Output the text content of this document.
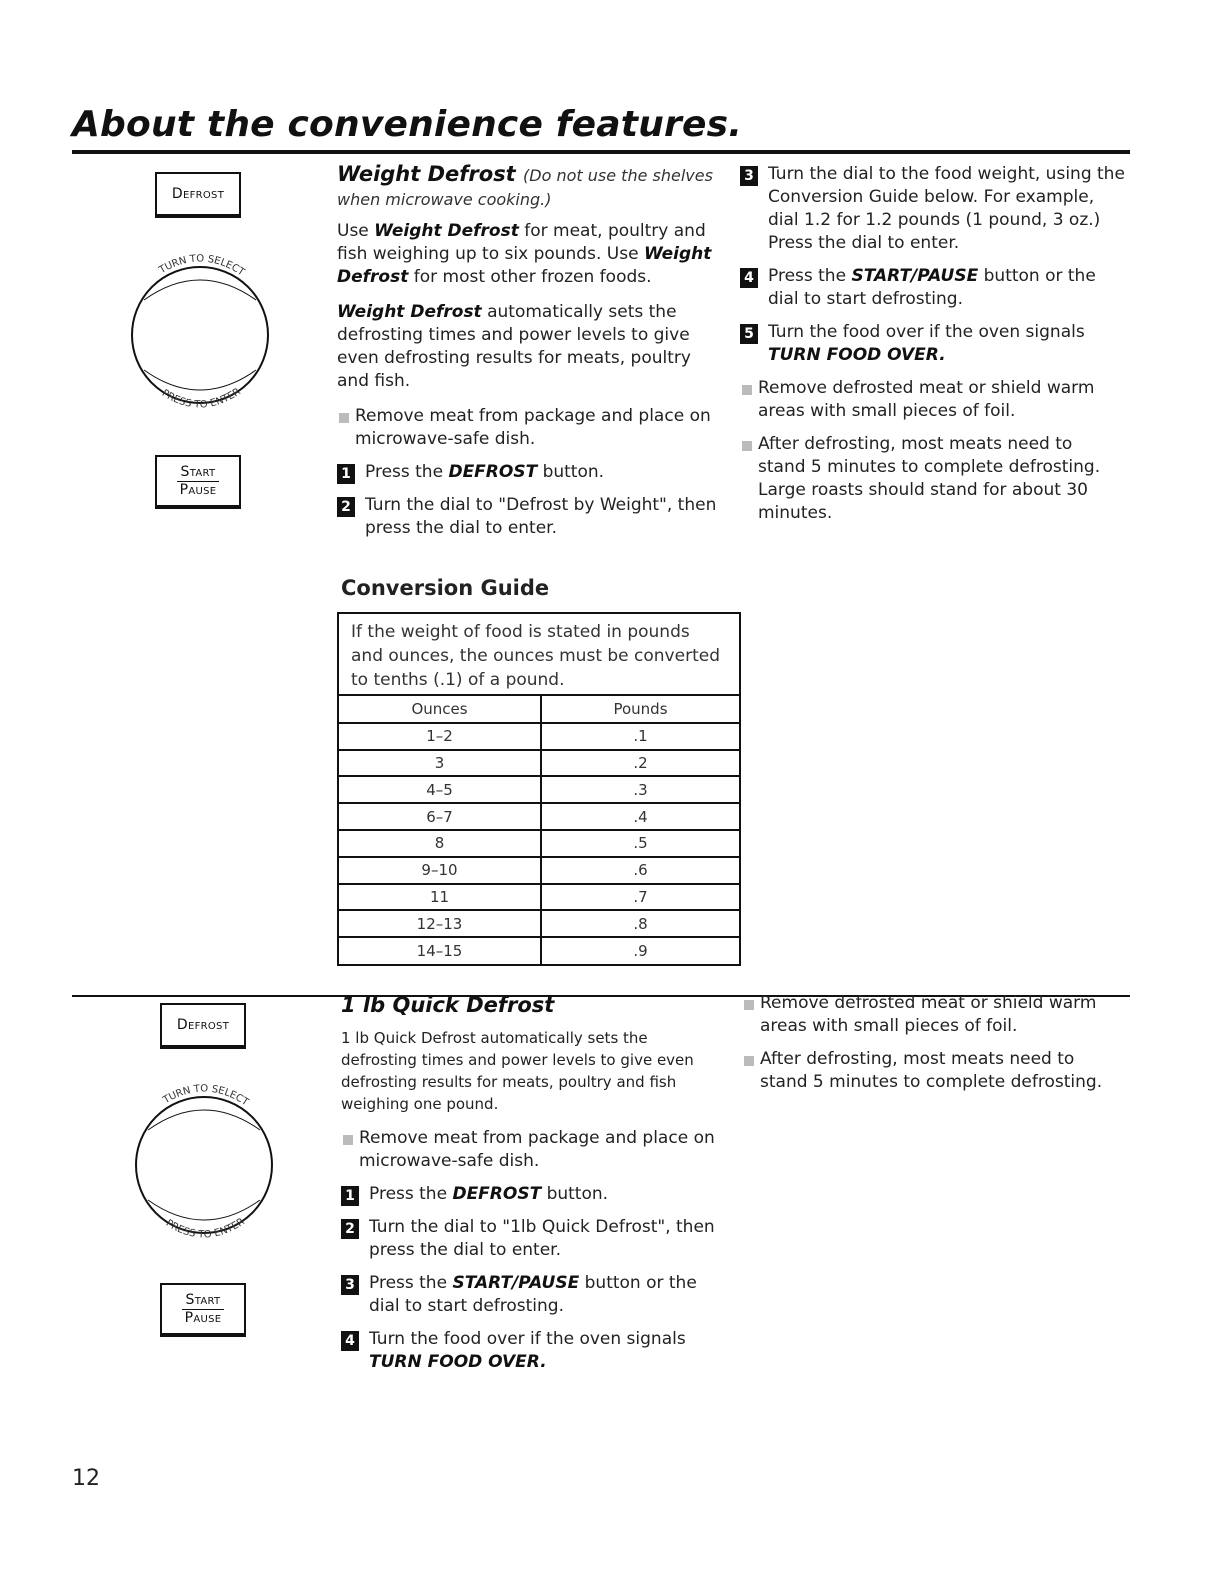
About the convenience features.
Defrost
TURN TO SELECT
PRESS TO ENTER
Start
Pause
Weight Defrost (Do not use the shelves when microwave cooking.)

Use Weight Defrost for meat, poultry and fish weighing up to six pounds. Use Weight Defrost for most other frozen foods.

Weight Defrost automatically sets the defrosting times and power levels to give even defrosting results for meats, poultry and fish.

Remove meat from package and place on microwave-safe dish.
1 Press the DEFROST button.
2 Turn the dial to "Defrost by Weight", then press the dial to enter.
3 Turn the dial to the food weight, using the Conversion Guide below. For example, dial 1.2 for 1.2 pounds (1 pound, 3 oz.) Press the dial to enter.
4 Press the START/PAUSE button or the dial to start defrosting.
5 Turn the food over if the oven signals TURN FOOD OVER.
Remove defrosted meat or shield warm areas with small pieces of foil.
After defrosting, most meats need to stand 5 minutes to complete defrosting. Large roasts should stand for about 30 minutes.
Conversion Guide
If the weight of food is stated in pounds and ounces, the ounces must be converted to tenths (.1) of a pound.
Ounces	Pounds
1–2	.1
3	.2
4–5	.3
6–7	.4
8	.5
9–10	.6
11	.7
12–13	.8
14–15	.9
Defrost
TURN TO SELECT
PRESS TO ENTER
Start
Pause
1 lb Quick Defrost

1 lb Quick Defrost automatically sets the defrosting times and power levels to give even defrosting results for meats, poultry and fish weighing one pound.

Remove meat from package and place on microwave-safe dish.
1 Press the DEFROST button.
2 Turn the dial to "1lb Quick Defrost", then press the dial to enter.
3 Press the START/PAUSE button or the dial to start defrosting.
4 Turn the food over if the oven signals TURN FOOD OVER.
Remove defrosted meat or shield warm areas with small pieces of foil.
After defrosting, most meats need to stand 5 minutes to complete defrosting.
12
